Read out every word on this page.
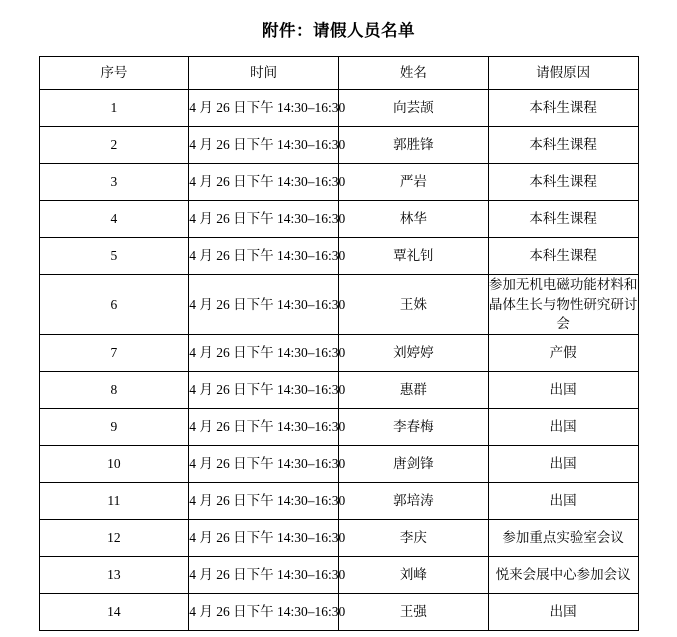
附件：请假人员名单
序号	时间	姓名	请假原因
1	4 月 26 日下午 14:30–16:30	向芸颉	本科生课程
2	4 月 26 日下午 14:30–16:30	郭胜锋	本科生课程
3	4 月 26 日下午 14:30–16:30	严岩	本科生课程
4	4 月 26 日下午 14:30–16:30	林华	本科生课程
5	4 月 26 日下午 14:30–16:30	覃礼钊	本科生课程
6	4 月 26 日下午 14:30–16:30	王姝	参加无机电磁功能材料和晶体生长与物性研究研讨会
7	4 月 26 日下午 14:30–16:30	刘婷婷	产假
8	4 月 26 日下午 14:30–16:30	惠群	出国
9	4 月 26 日下午 14:30–16:30	李春梅	出国
10	4 月 26 日下午 14:30–16:30	唐剑锋	出国
11	4 月 26 日下午 14:30–16:30	郭培涛	出国
12	4 月 26 日下午 14:30–16:30	李庆	参加重点实验室会议
13	4 月 26 日下午 14:30–16:30	刘峰	悦来会展中心参加会议
14	4 月 26 日下午 14:30–16:30	王强	出国
